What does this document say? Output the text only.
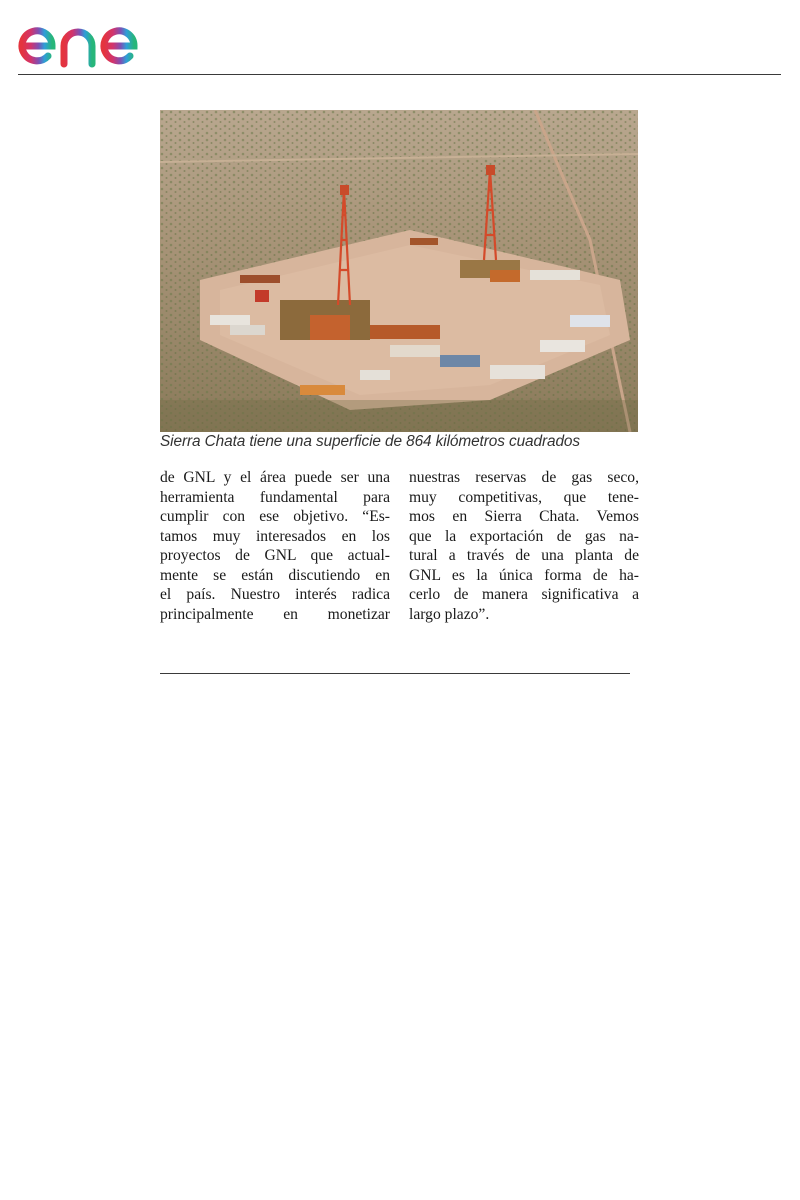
Sierra Chata tiene una superficie de 864 kilómetros cuadrados
de GNL y el área puede ser una
herramienta fundamental para
cumplir con ese objetivo. “Es-
tamos muy interesados en los
proyectos de GNL que actual-
mente se están discutiendo en
el país. Nuestro interés radica
principalmente en monetizar
nuestras reservas de gas seco,
muy competitivas, que tene-
mos en Sierra Chata. Vemos
que la exportación de gas na-
tural a través de una planta de
GNL es la única forma de ha-
cerlo de manera significativa a
largo plazo”.
